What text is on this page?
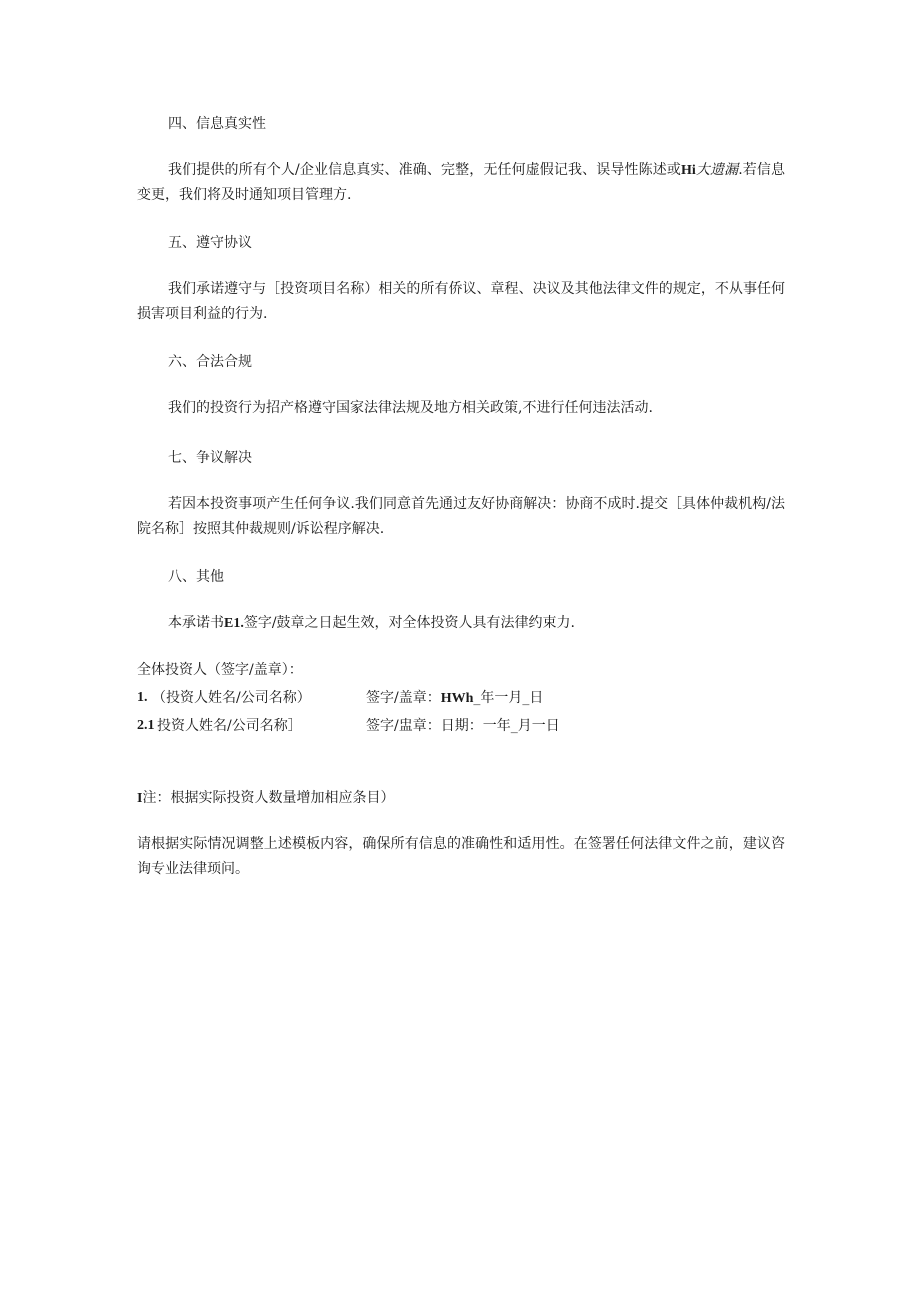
四、信息真实性
我们提供的所有个人/企业信息真实、准确、完整，无任何虚假记我、误导性陈述或Hi大遗漏.若信息变更，我们将及时通知项目管理方.
五、遵守协议
我们承诺遵守与［投资项目名称）相关的所有侨议、章程、决议及其他法律文件的规定，不从事任何损害项目利益的行为.
六、合法合规
我们的投资行为招产格遵守国家法律法规及地方相关政策,不进行任何违法活动.
七、争议解决
若因本投资事项产生任何争议.我们同意首先通过友好协商解决：协商不成时.提交［具体仲裁机构/法院名称］按照其仲裁规则/诉讼程序解决.
八、其他
本承诺书E1.签字/鼓章之日起生效，对全体投资人具有法律约束力.
全体投资人（签字/盖章）：
1. （投资人姓名/公司名称）	签字/盖章：HWh_年一月_日
2.1 投资人姓名/公司名称］	签字/盅章：日期：一年_月一日
I注：根据实际投资人数量增加相应条目）
请根据实际情况调整上述模板内容，确保所有信息的准确性和适用性。在签署任何法律文件之前，建议咨询专业法律顼问。
